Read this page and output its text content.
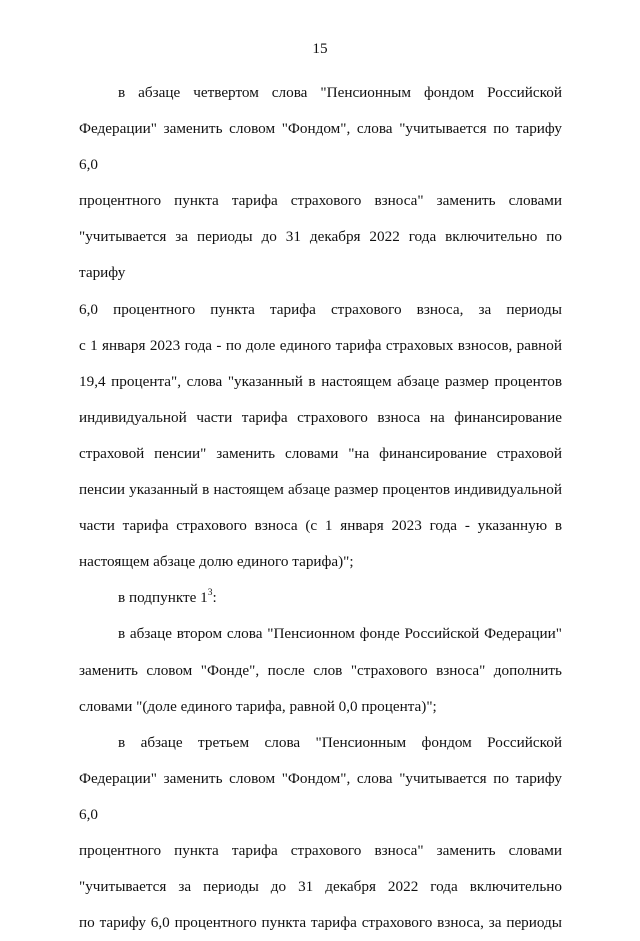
15

в абзаце четвертом слова "Пенсионным фондом Российской
Федерации" заменить словом "Фондом", слова "учитывается по тарифу 6,0
процентного пункта тарифа страхового взноса" заменить словами
"учитывается за периоды до 31 декабря 2022 года включительно по тарифу
6,0 процентного пункта тарифа страхового взноса, за периоды
с 1 января 2023 года - по доле единого тарифа страховых взносов, равной
19,4 процента", слова "указанный в настоящем абзаце размер процентов
индивидуальной части тарифа страхового взноса на финансирование
страховой пенсии" заменить словами "на финансирование страховой
пенсии указанный в настоящем абзаце размер процентов индивидуальной
части тарифа страхового взноса (с 1 января 2023 года - указанную в
настоящем абзаце долю единого тарифа)";

в подпункте $1^3$:

в абзаце втором слова "Пенсионном фонде Российской Федерации"
заменить словом "Фонде", после слов "страхового взноса" дополнить
словами "(доле единого тарифа, равной 0,0 процента)";

в абзаце третьем слова "Пенсионным фондом Российской
Федерации" заменить словом "Фондом", слова "учитывается по тарифу 6,0
процентного пункта тарифа страхового взноса" заменить словами
"учитывается за периоды до 31 декабря 2022 года включительно
по тарифу 6,0 процентного пункта тарифа страхового взноса, за периоды
